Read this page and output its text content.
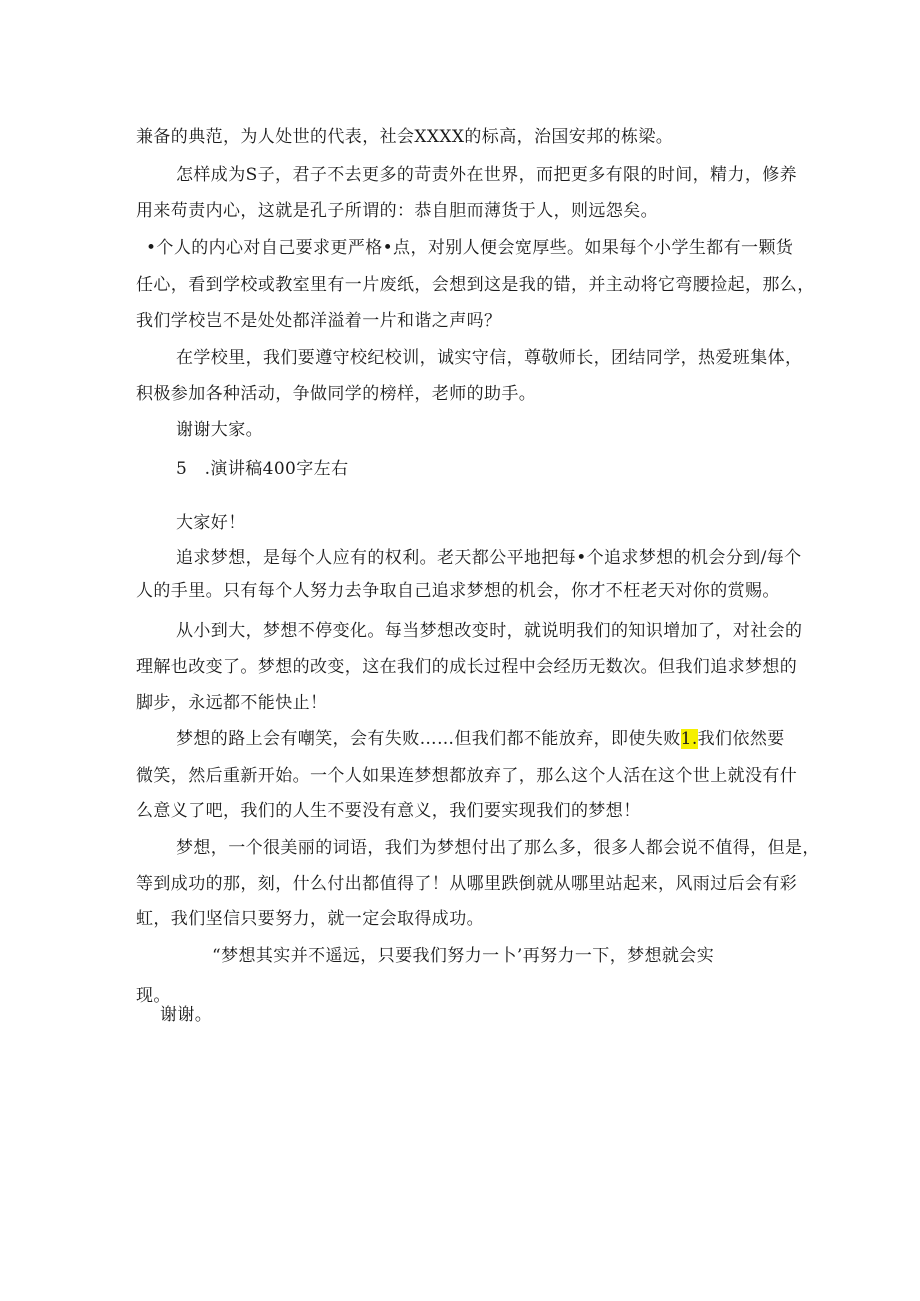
兼备的典范，为人处世的代表，社会XXXX的标高，治国安邦的栋梁。
怎样成为S子，君子不去更多的苛责外在世界，而把更多有限的时间，精力，修养
用来苟责内心，这就是孔子所谓的：恭自胆而薄货于人，则远怨矣。
•个人的内心对自己要求更严格•点，对别人便会宽厚些。如果每个小学生都有一颗货
任心，看到学校或教室里有一片废纸，会想到这是我的错，并主动将它弯腰捡起，那么，
我们学校岂不是处处都洋溢着一片和谐之声吗？
在学校里，我们要遵守校纪校训，诚实守信，尊敬师长，团结同学，热爱班集体，
积极参加各种活动，争做同学的榜样，老师的助手。
谢谢大家。
5　.演讲稿400字左右
大家好！
追求梦想，是每个人应有的权利。老天都公平地把每•个追求梦想的机会分到/每个
人的手里。只有每个人努力去争取自己追求梦想的机会，你才不枉老天对你的赏赐。
从小到大，梦想不停变化。每当梦想改变时，就说明我们的知识增加了，对社会的
理解也改变了。梦想的改变，这在我们的成长过程中会经历无数次。但我们追求梦想的
脚步，永远都不能快止！
梦想的路上会有嘲笑，会有失败……但我们都不能放弃，即使失败1.我们依然要
微笑，然后重新开始。一个人如果连梦想都放弃了，那么这个人活在这个世上就没有什
么意义了吧，我们的人生不要没有意义，我们要实现我们的梦想！
梦想，一个很美丽的词语，我们为梦想付出了那么多，很多人都会说不值得，但是，
等到成功的那，刻，什么付出都值得了！从哪里跌倒就从哪里站起来，风雨过后会有彩
虹，我们坚信只要努力，就一定会取得成功。
“梦想其实并不遥远，只要我们努力一卜’再努力一下，梦想就会实
现。
谢谢。
